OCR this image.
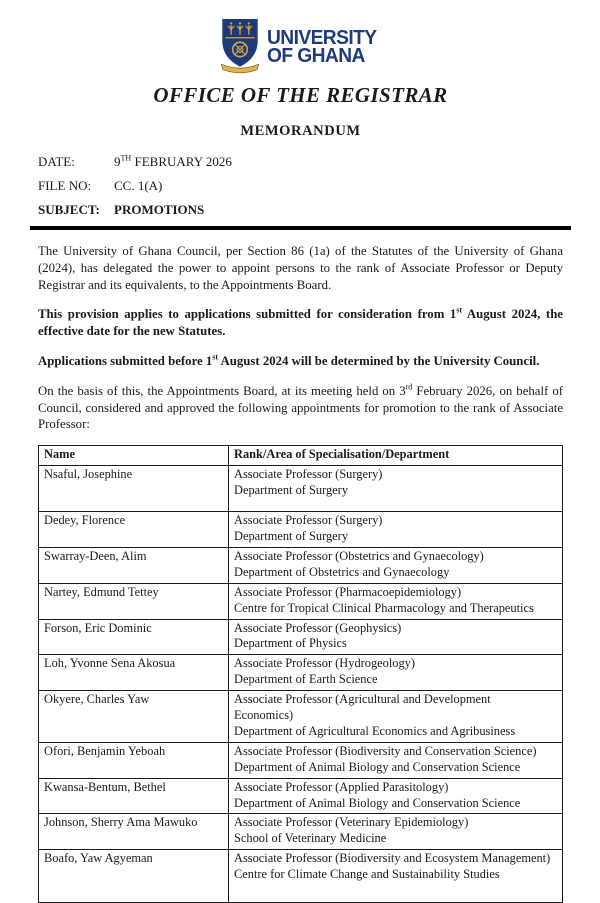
UNIVERSITY
OF GHANA
OFFICE OF THE REGISTRAR
MEMORANDUM
DATE:	9TH FEBRUARY 2026
FILE NO:	CC. 1(A)
SUBJECT:	PROMOTIONS

The University of Ghana Council, per Section 86 (1a) of the Statutes of the University of Ghana (2024), has delegated the power to appoint persons to the rank of Associate Professor or Deputy Registrar and its equivalents, to the Appointments Board.

This provision applies to applications submitted for consideration from 1st August 2024, the effective date for the new Statutes.

Applications submitted before 1st August 2024 will be determined by the University Council.

On the basis of this, the Appointments Board, at its meeting held on 3rd February 2026, on behalf of Council, considered and approved the following appointments for promotion to the rank of Associate Professor:

Name	Rank/Area of Specialisation/Department
Nsaful, Josephine	Associate Professor (Surgery)
Department of Surgery

Dedey, Florence	Associate Professor (Surgery)
Department of Surgery

Swarray-Deen, Alim	Associate Professor (Obstetrics and Gynaecology)
Department of Obstetrics and Gynaecology

Nartey, Edmund Tettey	Associate Professor (Pharmacoepidemiology)
Centre for Tropical Clinical Pharmacology and Therapeutics

Forson, Eric Dominic	Associate Professor (Geophysics)
Department of Physics

Loh, Yvonne Sena Akosua	Associate Professor (Hydrogeology)
Department of Earth Science

Okyere, Charles Yaw	Associate Professor (Agricultural and Development
Economics)
Department of Agricultural Economics and Agribusiness

Ofori, Benjamin Yeboah	Associate Professor (Biodiversity and Conservation Science)
Department of Animal Biology and Conservation Science

Kwansa-Bentum, Bethel	Associate Professor (Applied Parasitology)
Department of Animal Biology and Conservation Science

Johnson, Sherry Ama Mawuko	Associate Professor (Veterinary Epidemiology)
School of Veterinary Medicine

Boafo, Yaw Agyeman	Associate Professor (Biodiversity and Ecosystem Management)
Centre for Climate Change and Sustainability Studies
